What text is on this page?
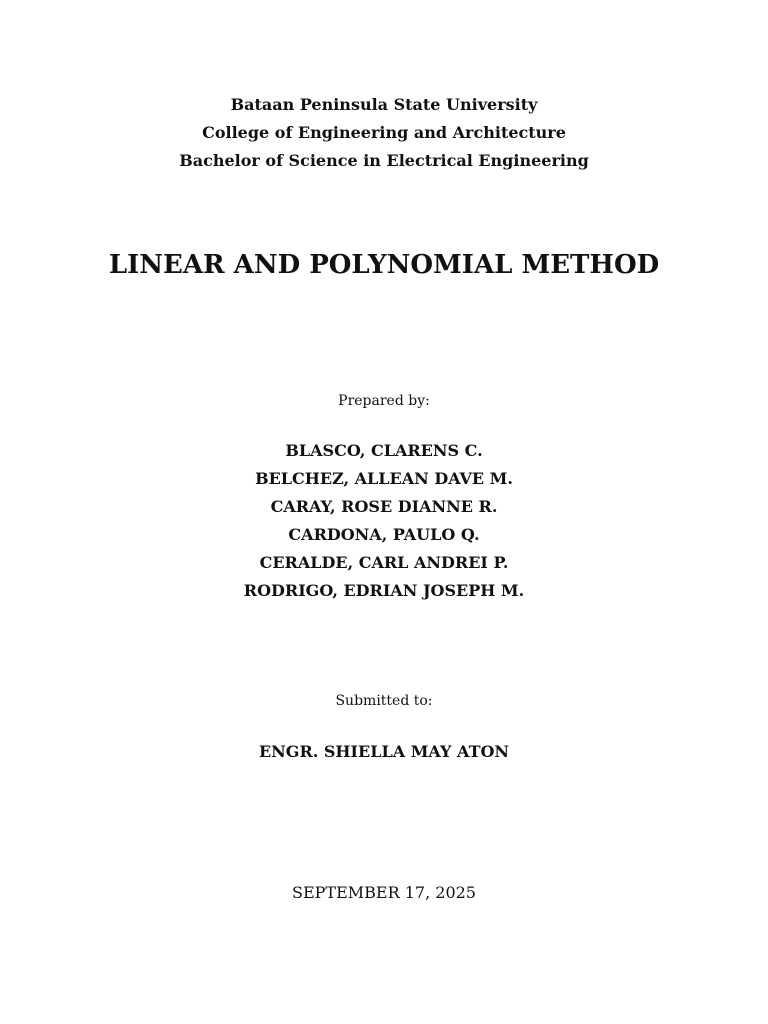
Bataan Peninsula State University
College of Engineering and Architecture
Bachelor of Science in Electrical Engineering
LINEAR AND POLYNOMIAL METHOD
Prepared by:
BLASCO, CLARENS C.
BELCHEZ, ALLEAN DAVE M.
CARAY, ROSE DIANNE R.
CARDONA, PAULO Q.
CERALDE, CARL ANDREI P.
RODRIGO, EDRIAN JOSEPH M.
Submitted to:
ENGR. SHIELLA MAY ATON
SEPTEMBER 17, 2025
